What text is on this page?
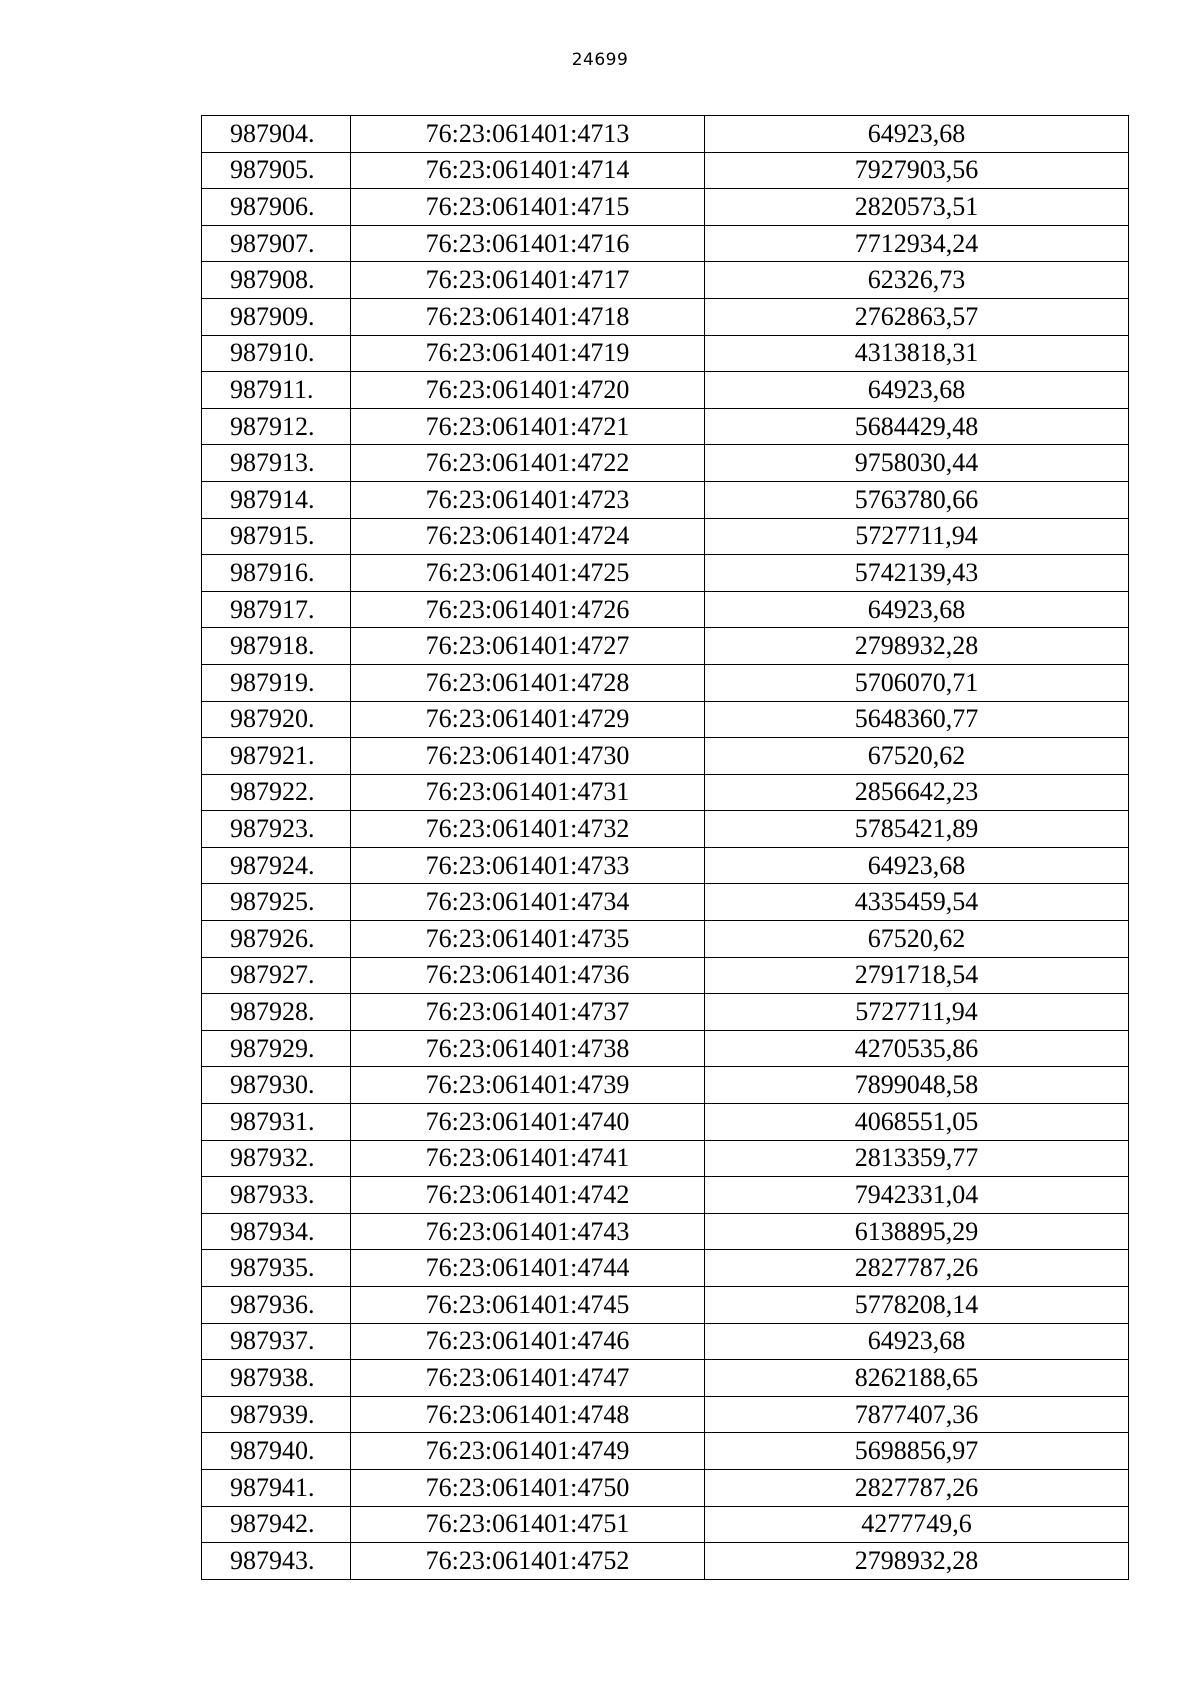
24699
987904.	76:23:061401:4713	64923,68
987905.	76:23:061401:4714	7927903,56
987906.	76:23:061401:4715	2820573,51
987907.	76:23:061401:4716	7712934,24
987908.	76:23:061401:4717	62326,73
987909.	76:23:061401:4718	2762863,57
987910.	76:23:061401:4719	4313818,31
987911.	76:23:061401:4720	64923,68
987912.	76:23:061401:4721	5684429,48
987913.	76:23:061401:4722	9758030,44
987914.	76:23:061401:4723	5763780,66
987915.	76:23:061401:4724	5727711,94
987916.	76:23:061401:4725	5742139,43
987917.	76:23:061401:4726	64923,68
987918.	76:23:061401:4727	2798932,28
987919.	76:23:061401:4728	5706070,71
987920.	76:23:061401:4729	5648360,77
987921.	76:23:061401:4730	67520,62
987922.	76:23:061401:4731	2856642,23
987923.	76:23:061401:4732	5785421,89
987924.	76:23:061401:4733	64923,68
987925.	76:23:061401:4734	4335459,54
987926.	76:23:061401:4735	67520,62
987927.	76:23:061401:4736	2791718,54
987928.	76:23:061401:4737	5727711,94
987929.	76:23:061401:4738	4270535,86
987930.	76:23:061401:4739	7899048,58
987931.	76:23:061401:4740	4068551,05
987932.	76:23:061401:4741	2813359,77
987933.	76:23:061401:4742	7942331,04
987934.	76:23:061401:4743	6138895,29
987935.	76:23:061401:4744	2827787,26
987936.	76:23:061401:4745	5778208,14
987937.	76:23:061401:4746	64923,68
987938.	76:23:061401:4747	8262188,65
987939.	76:23:061401:4748	7877407,36
987940.	76:23:061401:4749	5698856,97
987941.	76:23:061401:4750	2827787,26
987942.	76:23:061401:4751	4277749,6
987943.	76:23:061401:4752	2798932,28
